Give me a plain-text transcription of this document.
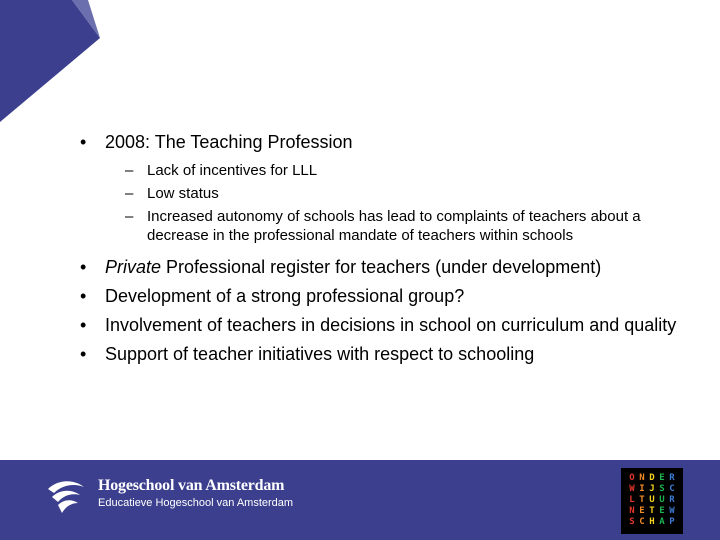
•	2008: The Teaching Profession
– Lack of incentives for LLL
– Low status
– Increased autonomy of schools has lead to complaints of teachers about a decrease in the professional mandate of teachers within schools
•	Private Professional register for teachers (under development)
•	Development of a strong professional group?
•	Involvement of teachers in decisions in school on curriculum and quality
•	Support of teacher initiatives with respect to schooling
Hogeschool van Amsterdam
Educatieve Hogeschool van Amsterdam
O N D E R
W I J S C
L T U U R
N E T E W
S C H A P
